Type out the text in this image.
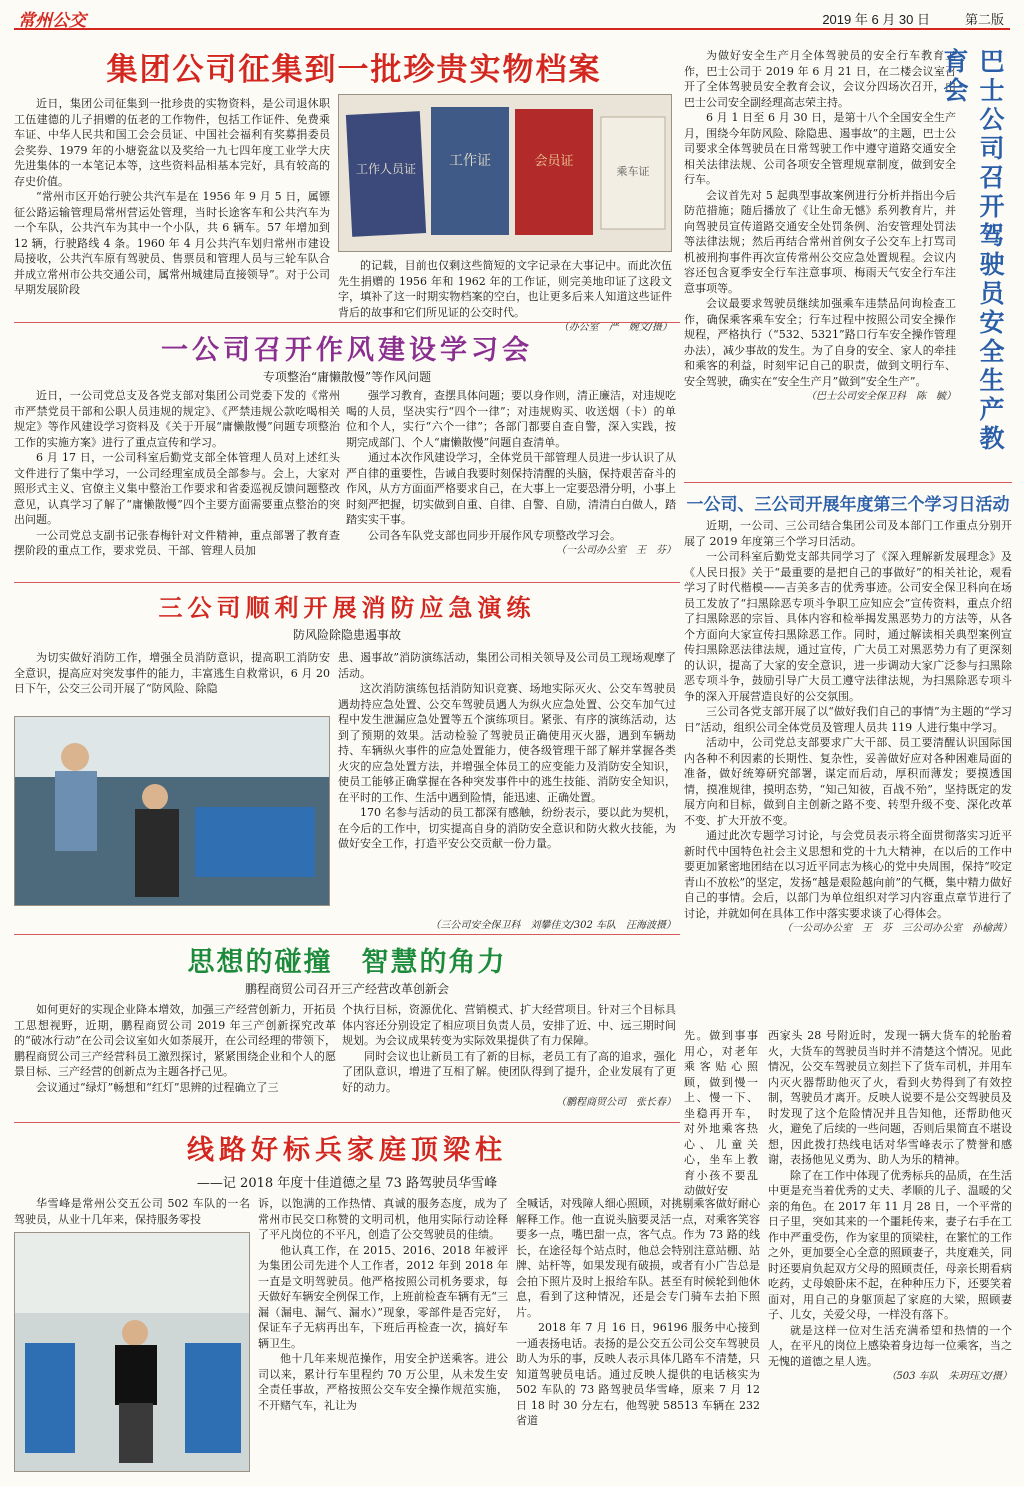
常州公交	2019 年 6 月 30 日	第二版
集团公司征集到一批珍贵实物档案

近日，集团公司征集到一批珍贵的实物资料，是公司退休职工伍建德的儿子捐赠的伍老的工作物件，包括工作证件、免费乘车证、中华人民共和国工会会员证、中国社会福利有奖募捐委员会奖券、1979 年的小塘瓷盆以及奖给一九七四年度工业学大庆先进集体的一本笔记本等，这些资料品相基本完好，具有较高的存史价值。

“常州市区开始行驶公共汽车是在 1956 年 9 月 5 日，属镖征公路运输管理局常州营运处管理，当时长途客车和公共汽车为一个车队，公共汽车为其中一个小队，共 6 辆车。57 年增加到 12 辆，行驶路线 4 条。1960 年 4 月公共汽车划归常州市建设局接收，公共汽车原有驾驶员、售票员和管理人员与三轮车队合并成立常州市公共交通公司，属常州城建局直接领导”。对于公司早期发展阶段

工作人员证 工作证	会员证
乘车证

的记载，目前也仅剩这些简短的文字记录在大事记中。而此次伍先生捐赠的 1956 年和 1962 年的工作证，则完美地印证了这段文字，填补了这一时期实物档案的空白，也让更多后来人知道这些证件背后的故事和它们所见证的公交时代。

（办公室　严　婉文/摄）
一公司召开作风建设学习会
专项整治“庸懒散慢”等作风问题

近日，一公司党总支及各党支部对集团公司党委下发的《常州市严禁党员干部和公职人员违规的规定》、《严禁违规公款吃喝相关规定》等作风建设学习资料及《关于开展“庸懒散慢”问题专项整治工作的实施方案》进行了重点宣传和学习。

6 月 17 日，一公司科室后勤党支部全体管理人员对上述红头文件进行了集中学习，一公司经理室成员全部参与。会上，大家对照形式主义、官僚主义集中整治工作要求和省委巡视反馈问题整改意见，认真学习了解了“庸懒散慢”四个主要方面需要重点整治的突出问题。

一公司党总支副书记张春梅针对文件精神，重点部署了教育查摆阶段的重点工作，要求党员、干部、管理人员加

强学习教育，查摆具体问题；要以身作则，清正廉洁，对违规吃喝的人员，坚决实行“四个一律”；对违规购买、收送烟（卡）的单位和个人，实行“六个一律”；各部门都要自查自警，深入实践，按期完成部门、个人“庸懒散慢”问题自查清单。

通过本次作风建设学习，全体党员干部管理人员进一步认识了从严自律的重要性，告诫自我要时刻保持清醒的头脑，保持艰苦奋斗的作风，从方方面面严格要求自己，在大事上一定要恐滑分明，小事上时刻严把握，切实做到自重、自律、自警、自励，清清白白做人，踏踏实实干事。

公司各车队党支部也同步开展作风专项整改学习会。

（一公司办公室　王　芬）
三公司顺利开展消防应急演练
防风险除隐患遏事故

为切实做好消防工作，增强全员消防意识，提高职工消防安全意识，提高应对突发事件的能力，丰富逃生自救常识，6 月 20 日下午，公交三公司开展了“防风险、除隐

患、遏事故”消防演练活动，集团公司相关领导及公司员工现场观摩了活动。

这次消防演练包括消防知识竞赛、场地实际灭火、公交车驾驶员遇劫持应急处置、公交车驾驶员遇人为纵火应急处置、公交车加气过程中发生泄漏应急处置等五个演练项目。紧张、有序的演练活动，达到了预期的效果。活动检验了驾驶员正确使用灭火器，遇到车辆劫持、车辆纵火事件的应急处置能力，使各级管理干部了解并掌握各类火灾的应急处置方法，并增强全体员工的应变能力及消防安全知识，使员工能够正确掌握在各种突发事件中的逃生技能、消防安全知识，在平时的工作、生活中遇到险情，能迅速、正确处置。

170 名参与活动的员工都深有感触，纷纷表示，要以此为契机，在今后的工作中，切实提高自身的消防安全意识和防火救火技能，为做好安全工作，打造平安公交贡献一份力量。

（三公司安全保卫科　刘攀佳文/302 车队　汪海波摄）
思想的碰撞　智慧的角力
鹏程商贸公司召开三产经营改革创新会

如何更好的实现企业降本增效，加强三产经营创新力，开拓员工思想视野，近期，鹏程商贸公司 2019 年三产创新探究改革的“破冰行动”在公司会议室如火如荼展开，在公司经理的带领下，鹏程商贸公司三产经营科员工激烈探讨，紧紧围绕企业和个人的愿景目标、三产经营的创新点为主题各抒己见。

会议通过“绿灯”畅想和“红灯”思辨的过程确立了三

个执行目标，资源优化、营销模式、扩大经营项目。针对三个目标具体内容还分别设定了相应项目负责人员，安排了近、中、远三期时间规划。为会议成果转变为实际效果提供了有力保障。

同时会议也让新员工有了新的目标，老员工有了高的追求，强化了团队意识，增进了互相了解。使团队得到了提升，企业发展有了更好的动力。

（鹏程商贸公司　张长春）
线路好标兵家庭顶梁柱
——记 2018 年度十佳道德之星 73 路驾驶员华雪峰

华雪峰是常州公交五公司 502 车队的一名驾驶员，从业十几年来，保持服务零投

诉，以饱满的工作热情、真诚的服务态度，成为了常州市民交口称赞的文明司机，他用实际行动诠释了平凡岗位的不平凡，创造了公交驾驶员的佳绩。

他认真工作，在 2015、2016、2018 年被评为集团公司先进个人工作者，2012 年到 2018 年一直是文明驾驶员。他严格按照公司机务要求，每天做好车辆安全例保工作，上班前检查车辆有无“三漏（漏电、漏气、漏水）”现象，零部件是否完好，保证车子无病再出车，下班后再检查一次，搞好车辆卫生。

他十几年来规范操作，用安全护送乘客。进公司以来，累计行车里程约 70 万公里，从未发生安全责任事故，严格按照公交车安全操作规范实施，不开赌气车，礼让为

全喊话，对残障人细心照顾，对挑剔乘客做好耐心解释工作。他一直说头脑要灵活一点，对乘客笑容要多一点，嘴巴甜一点，客气点。作为 73 路的线长，在途径每个站点时，他总会特别注意站棚、站牌、站杆等，如果发现有破损，或者有小广告总是会拍下照片及时上报给车队。甚至有时候轮到他休息，看到了这种情况，还是会专门骑车去拍下照片。

2018 年 7 月 16 日，96196 服务中心接到一通表扬电话。表扬的是公交五公司公交车驾驶员助人为乐的事，反映人表示具体几路车不清楚，只知道驾驶员电话。通过反映人提供的电话核实为 502 车队的 73 路驾驶员华雪峰，原来 7 月 12 日 18 时 30 分左右，他驾驶 58513 车辆在 232 省道

先。做到事事用心，对老年乘客贴心照顾，做到慢一上、慢一下、坐稳再开车，对外地乘客热心、儿童关心，坐车上教育小孩不要乱动做好安

西家头 28 号附近时，发现一辆大货车的轮胎着火，大货车的驾驶员当时并不清楚这个情况。见此情况，公交车驾驶员立刻拦下了货车司机，并用车内灭火器帮助他灭了火，看到火势得到了有效控制，驾驶员才离开。反映人说要不是公交驾驶员及时发现了这个危险情况并且告知他，还帮助他灭火，避免了后续的一些问题，否则后果简直不堪设想，因此拨打热线电话对华雪峰表示了赞誉和感谢，表扬他见义勇为、助人为乐的精神。

除了在工作中体现了优秀标兵的品质，在生活中更是充当着优秀的丈夫、孝顺的儿子、温暖的父亲的角色。在 2017 年 11 月 28 日，一个平常的日子里，突如其来的一个噩耗传来，妻子右手在工作中严重受伤，作为家里的顶梁柱，在繁忙的工作之外，更加要全心全意的照顾妻子，共度难关，同时还要肩负起双方父母的照顾责任，母亲长期看病吃药，丈母娘卧床不起，在种种压力下，还要笑着面对，用自己的身躯顶起了家庭的大梁，照顾妻子、儿女，关爱父母，一样没有落下。

就是这样一位对生活充满希望和热情的一个人，在平凡的岗位上感染着身边每一位乘客，当之无愧的道德之星人选。

（503 车队　朱玥珏文/摄）

为做好安全生产月全体驾驶员的安全行车教育工作，巴士公司于 2019 年 6 月 21 日，在二楼会议室召开了全体驾驶员安全教育会议，会议分四场次召开，由巴士公司安全副经理高志荣主持。

6 月 1 日至 6 月 30 日，是第十八个全国安全生产月，围绕今年防风险、除隐患、遏事故”的主题，巴士公司要求全体驾驶员在日常驾驶工作中遵守道路交通安全相关法律法规、公司各项安全管理规章制度，做到安全行车。

会议首先对 5 起典型事故案例进行分析并指出今后防范措施；随后播放了《让生命无憾》系列教育片，并向驾驶员宣传道路交通安全处罚条例、治安管理处罚法等法律法规；然后再结合常州首例女子公交车上打骂司机被刑拘事件再次宣传常州公交应急处置规程。会议内容还包含夏季安全行车注意事项、梅雨天气安全行车注意事项等。

会议最要求驾驶员继续加强乘车违禁品问询检查工作，确保乘客乘车安全；行车过程中按照公司安全操作规程，严格执行（“532、5321”路口行车安全操作管理办法），减少事故的发生。为了自身的安全、家人的牵挂和乘客的利益，时刻牢记自己的职责，做到文明行车、安全驾驶，确实在“安全生产月”做到“安全生产”。

（巴士公司安全保卫科　陈　毓） 巴士公司召开驾驶员安全生产教育会
一公司、三公司开展年度第三个学习日活动

近期，一公司、三公司结合集团公司及本部门工作重点分别开展了 2019 年度第三个学习日活动。

一公司科室后勤党支部共同学习了《深入理解新发展理念》及《人民日报》关于“最重要的是把自己的事做好”的相关社论，观看学习了时代楷模——吉美多吉的优秀事迹。公司安全保卫科向在场员工发放了“扫黑除恶专项斗争职工应知应会”宣传资料，重点介绍了扫黑除恶的宗旨、具体内容和检举揭发黑恶势力的方法等，从各个方面向大家宣传扫黑除恶工作。同时，通过解读相关典型案例宣传扫黑除恶法律法规，通过宣传，广大员工对黑恶势力有了更深刻的认识，提高了大家的安全意识，进一步调动大家广泛参与扫黑除恶专项斗争，鼓励引导广大员工遵守法律法规，为扫黑除恶专项斗争的深入开展营造良好的公交氛围。

三公司各党支部开展了以“做好我们自己的事情”为主题的“学习日”活动，组织公司全体党员及管理人员共 119 人进行集中学习。

活动中，公司党总支部要求广大干部、员工要清醒认识国际国内各种不利因素的长期性、复杂性，妥善做好应对各种困难局面的准备，做好统筹研究部署，谋定而后动，厚积而薄发；要摸透国情，摸准规律，摸明态势，“知己知彼，百战不殆”，坚持既定的发展方向和目标，做到自主创新之路不变、转型升级不变、深化改革不变、扩大开放不变。

通过此次专题学习讨论，与会党员表示将全面贯彻落实习近平新时代中国特色社会主义思想和党的十九大精神，在以后的工作中要更加紧密地团结在以习近平同志为核心的党中央周围，保持“咬定青山不放松”的坚定，发扬“越是艰险越向前”的气概，集中精力做好自己的事情。会后，以部门为单位组织对学习内容重点章节进行了讨论，并就如何在具体工作中落实要求谈了心得体会。

（一公司办公室　王　芬　三公司办公室　孙榆茜）
